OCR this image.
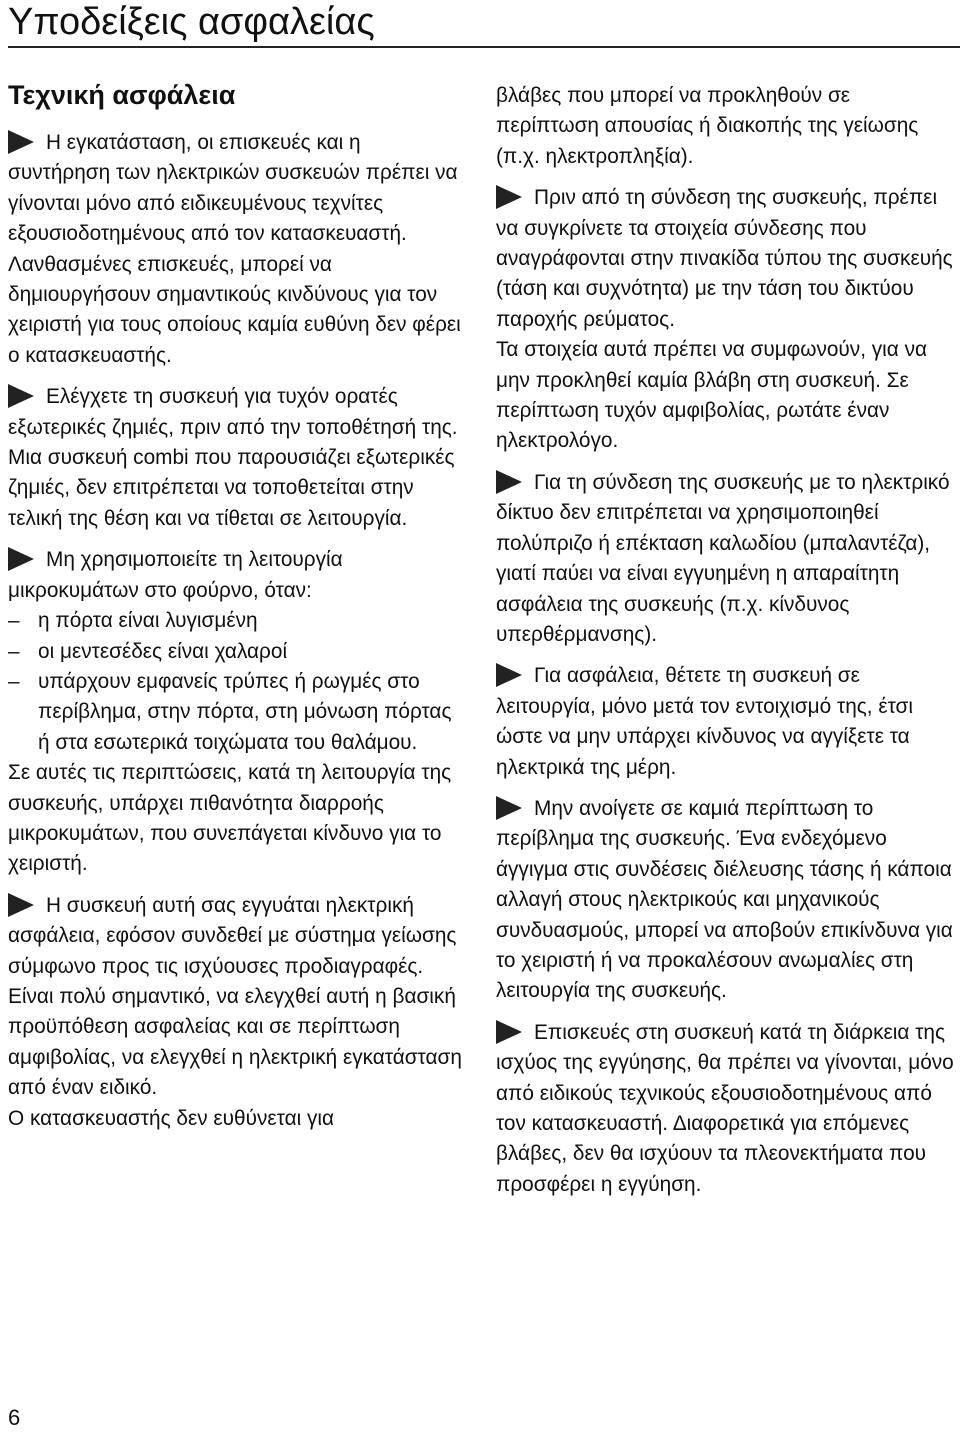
Υποδείξεις ασφαλείας
Τεχνική ασφάλεια

Η εγκατάσταση, οι επισκευές και η συντήρηση των ηλεκτρικών συσκευών πρέπει να γίνονται μόνο από ειδικευμένους τεχνίτες εξουσιοδοτημένους από τον κατασκευαστή.

Λανθασμένες επισκευές, μπορεί να δημιουργήσουν σημαντικούς κινδύνους για τον χειριστή για τους οποίους καμία ευθύνη δεν φέρει ο κατασκευαστής.

Ελέγχετε τη συσκευή για τυχόν ορατές εξωτερικές ζημιές, πριν από την τοποθέτησή της.

Μια συσκευή combi που παρουσιάζει εξωτερικές ζημιές, δεν επιτρέπεται να τοποθετείται στην τελική της θέση και να τίθεται σε λειτουργία.

Μη χρησιμοποιείτε τη λειτουργία μικροκυμάτων στο φούρνο, όταν:

– η πόρτα είναι λυγισμένη
– οι μεντεσέδες είναι χαλαροί
– υπάρχουν εμφανείς τρύπες ή ρωγμές στο περίβλημα, στην πόρτα, στη μόνωση πόρτας ή στα εσωτερικά τοιχώματα του θαλάμου.

Σε αυτές τις περιπτώσεις, κατά τη λειτουργία της συσκευής, υπάρχει πιθανότητα διαρροής μικροκυμάτων, που συνεπάγεται κίνδυνο για το χειριστή.

Η συσκευή αυτή σας εγγυάται ηλεκτρική ασφάλεια, εφόσον συνδεθεί με σύστημα γείωσης σύμφωνο προς τις ισχύουσες προδιαγραφές. Είναι πολύ σημαντικό, να ελεγχθεί αυτή η βασική προϋπόθεση ασφαλείας και σε περίπτωση αμφιβολίας, να ελεγχθεί η ηλεκτρική εγκατάσταση από έναν ειδικό.

Ο κατασκευαστής δεν ευθύνεται για

βλάβες που μπορεί να προκληθούν σε περίπτωση απουσίας ή διακοπής της γείωσης (π.χ. ηλεκτροπληξία).

Πριν από τη σύνδεση της συσκευής, πρέπει να συγκρίνετε τα στοιχεία σύνδεσης που αναγράφονται στην πινακίδα τύπου της συσκευής (τάση και συχνότητα) με την τάση του δικτύου παροχής ρεύματος.

Τα στοιχεία αυτά πρέπει να συμφωνούν, για να μην προκληθεί καμία βλάβη στη συσκευή. Σε περίπτωση τυχόν αμφιβολίας, ρωτάτε έναν ηλεκτρολόγο.

Για τη σύνδεση της συσκευής με το ηλεκτρικό δίκτυο δεν επιτρέπεται να χρησιμοποιηθεί πολύπριζο ή επέκταση καλωδίου (μπαλαντέζα), γιατί παύει να είναι εγγυημένη η απαραίτητη ασφάλεια της συσκευής (π.χ. κίνδυνος υπερθέρμανσης).

Για ασφάλεια, θέτετε τη συσκευή σε λειτουργία, μόνο μετά τον εντοιχισμό της, έτσι ώστε να μην υπάρχει κίνδυνος να αγγίξετε τα ηλεκτρικά της μέρη.

Μην ανοίγετε σε καμιά περίπτωση το περίβλημα της συσκευής. Ένα ενδεχόμενο άγγιγμα στις συνδέσεις διέλευσης τάσης ή κάποια αλλαγή στους ηλεκτρικούς και μηχανικούς συνδυασμούς, μπορεί να αποβούν επικίνδυνα για το χειριστή ή να προκαλέσουν ανωμαλίες στη λειτουργία της συσκευής.

Επισκευές στη συσκευή κατά τη διάρκεια της ισχύος της εγγύησης, θα πρέπει να γίνονται, μόνο από ειδικούς τεχνικούς εξουσιοδοτημένους από τον κατασκευαστή. Διαφορετικά για επόμενες βλάβες, δεν θα ισχύουν τα πλεονεκτήματα που προσφέρει η εγγύηση.

6
